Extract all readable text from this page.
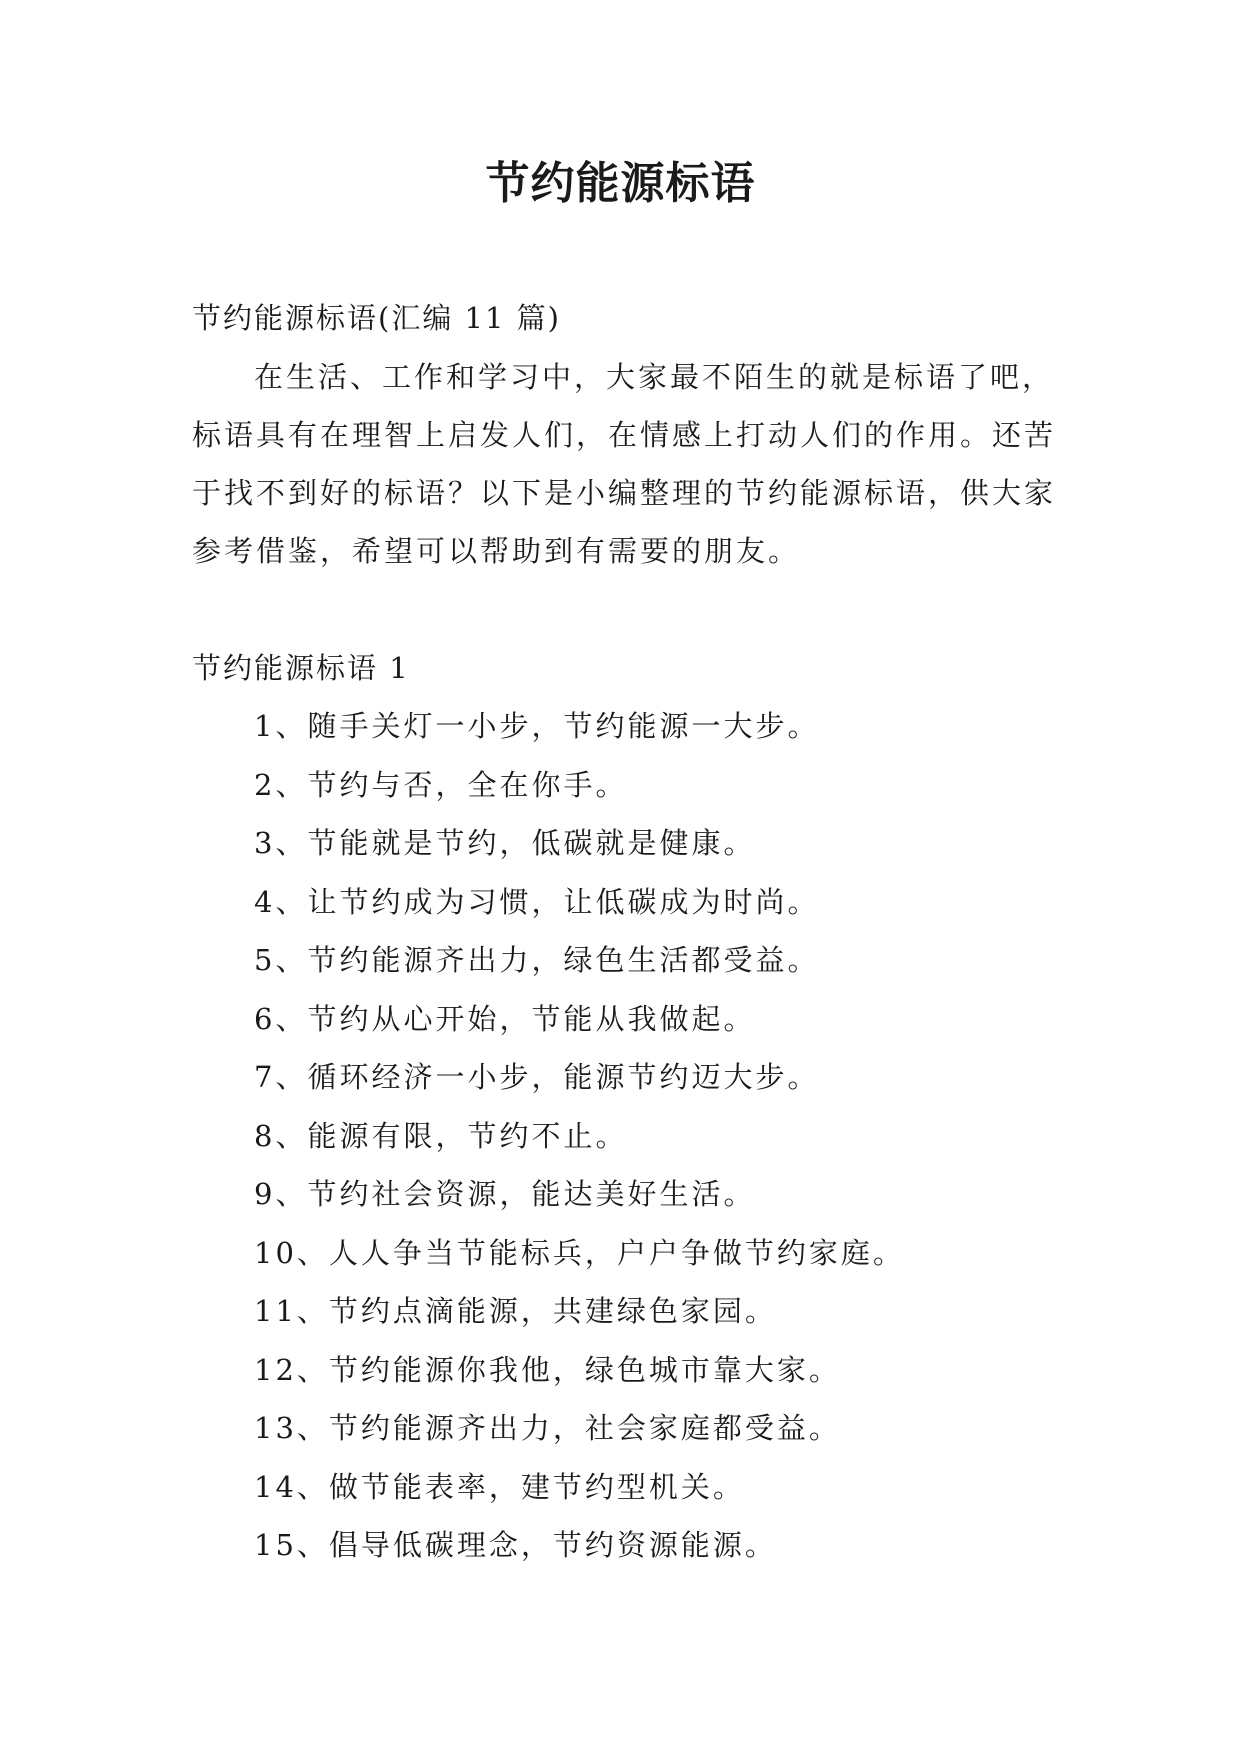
节约能源标语
节约能源标语(汇编 11 篇)

在生活、工作和学习中，大家最不陌生的就是标语了吧，标语具有在理智上启发人们，在情感上打动人们的作用。还苦于找不到好的标语？以下是小编整理的节约能源标语，供大家参考借鉴，希望可以帮助到有需要的朋友。

节约能源标语 1
1、随手关灯一小步，节约能源一大步。
2、节约与否，全在你手。
3、节能就是节约，低碳就是健康。
4、让节约成为习惯，让低碳成为时尚。
5、节约能源齐出力，绿色生活都受益。
6、节约从心开始，节能从我做起。
7、循环经济一小步，能源节约迈大步。
8、能源有限，节约不止。
9、节约社会资源，能达美好生活。
10、人人争当节能标兵，户户争做节约家庭。
11、节约点滴能源，共建绿色家园。
12、节约能源你我他，绿色城市靠大家。
13、节约能源齐出力，社会家庭都受益。
14、做节能表率，建节约型机关。
15、倡导低碳理念，节约资源能源。
